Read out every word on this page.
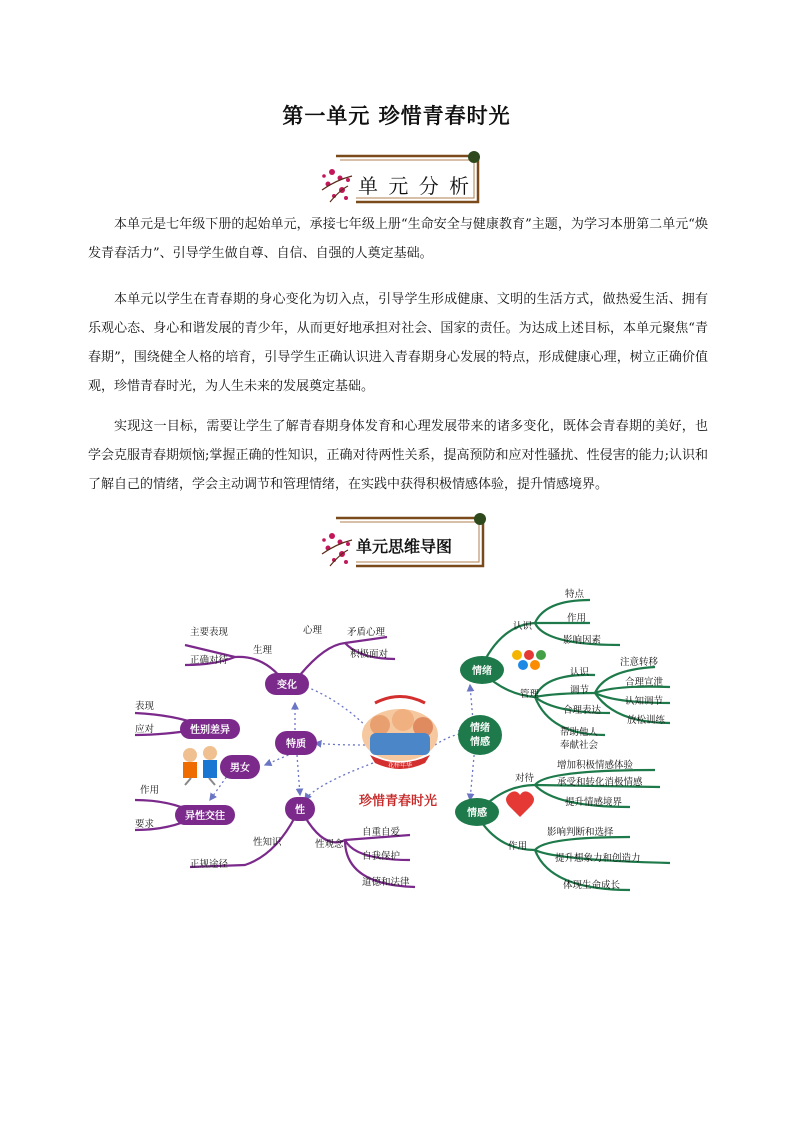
第一单元 珍惜青春时光
单 元 分 析

本单元是七年级下册的起始单元，承接七年级上册“生命安全与健康教育”主题，为学习本册第二单元“焕发青春活力”、引导学生做自尊、自信、自强的人奠定基础。

本单元以学生在青春期的身心变化为切入点，引导学生形成健康、文明的生活方式，做热爱生活、拥有乐观心态、身心和谐发展的青少年，从而更好地承担对社会、国家的责任。为达成上述目标，本单元聚焦“青春期”，围绕健全人格的培育，引导学生正确认识进入青春期身心发展的特点，形成健康心理，树立正确价值观，珍惜青春时光，为人生未来的发展奠定基础。

实现这一目标，需要让学生了解青春期身体发育和心理发展带来的诸多变化，既体会青春期的美好，也学会克服青春期烦恼;掌握正确的性知识，正确对待两性关系，提高预防和应对性骚扰、性侵害的能力;认识和了解自己的情绪，学会主动调节和管理情绪，在实践中获得积极情感体验，提升情感境界。

单元思维导图
花样年华
珍惜青春时光
主要表现
正确对待
生理
心理	矛盾心理
积极面对
表现
应对
作用
要求
性知识
正规途径
性观念
自重自爱
自我保护
道德和法律
认识
特点
作用
影响因素
管理
认识
调节
注意转移
合理宣泄
认知调节
放松训练
合理表达
帮助他人
奉献社会
对待
增加积极情感体验
承受和转化消极情感
提升情感境界
作用
影响判断和选择
提升想象力和创造力
体现生命成长
变化
特质
性别差异
男女
异性交往
性
情绪
情绪
情感
情感
